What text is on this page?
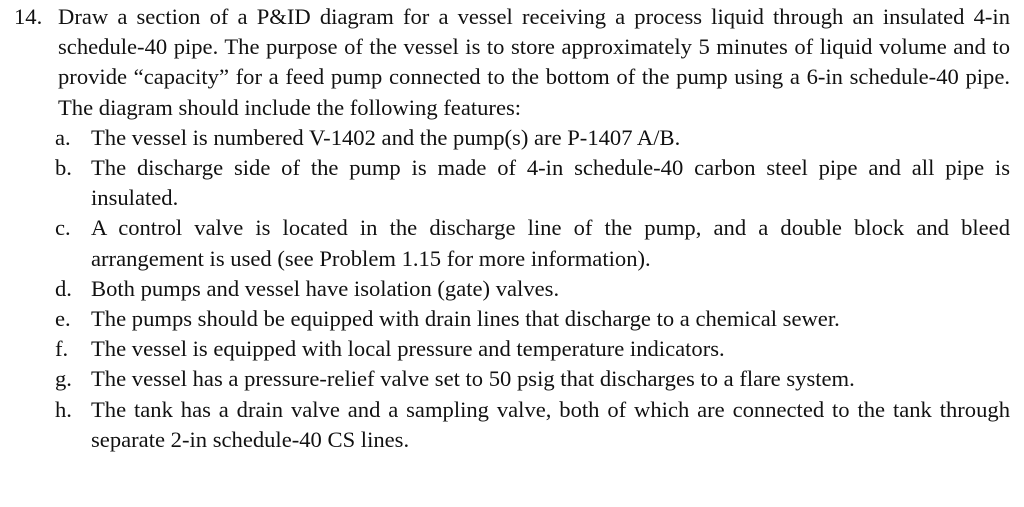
14. Draw a section of a P&ID diagram for a vessel receiving a process liquid through an insulated 4-in schedule-40 pipe. The purpose of the vessel is to store approximately 5 minutes of liquid volume and to provide “capacity” for a feed pump connected to the bottom of the pump using a 6-in schedule-40 pipe. The diagram should include the following features:
a. The vessel is numbered V-1402 and the pump(s) are P-1407 A/B.
b. The discharge side of the pump is made of 4-in schedule-40 carbon steel pipe and all pipe is insulated.
c. A control valve is located in the discharge line of the pump, and a double block and bleed arrangement is used (see Problem 1.15 for more information).
d. Both pumps and vessel have isolation (gate) valves.
e. The pumps should be equipped with drain lines that discharge to a chemical sewer.
f.	The vessel is equipped with local pressure and temperature indicators.
g. The vessel has a pressure-relief valve set to 50 psig that discharges to a flare system.
h. The tank has a drain valve and a sampling valve, both of which are connected to the tank through separate 2-in schedule-40 CS lines.
